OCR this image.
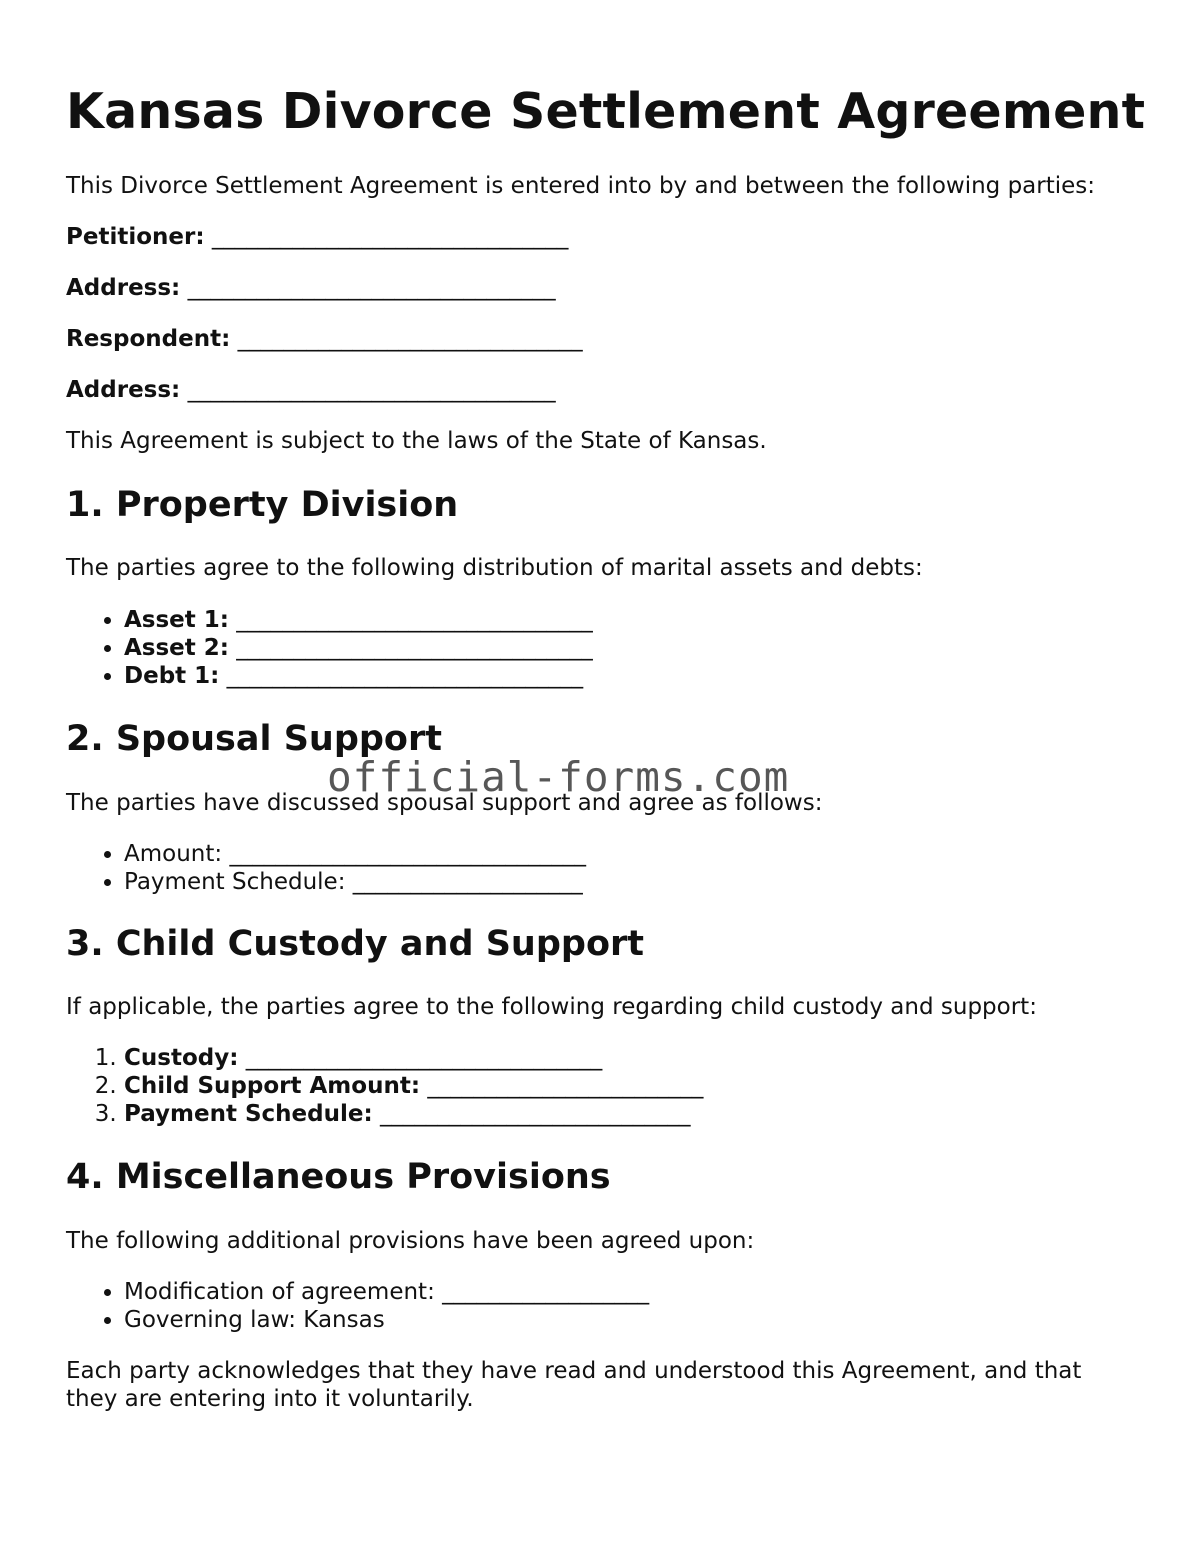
Kansas Divorce Settlement Agreement

This Divorce Settlement Agreement is entered into by and between the following parties:

Petitioner: _______________________________

Address: ________________________________

Respondent: ______________________________

Address: ________________________________

This Agreement is subject to the laws of the State of Kansas.

1. Property Division

The parties agree to the following distribution of marital assets and debts:

• Asset 1: _______________________________
• Asset 2: _______________________________
• Debt 1: _______________________________
2. Spousal Support

The parties have discussed spousal support and agree as follows:

• Amount: _______________________________
• Payment Schedule: ____________________
3. Child Custody and Support

If applicable, the parties agree to the following regarding child custody and support:

1. Custody: _______________________________
2. Child Support Amount: ________________________
3. Payment Schedule: ___________________________
4. Miscellaneous Provisions

The following additional provisions have been agreed upon:

• Modification of agreement: __________________
• Governing law: Kansas

Each party acknowledges that they have read and understood this Agreement, and that they are entering into it voluntarily.

official-forms.com
